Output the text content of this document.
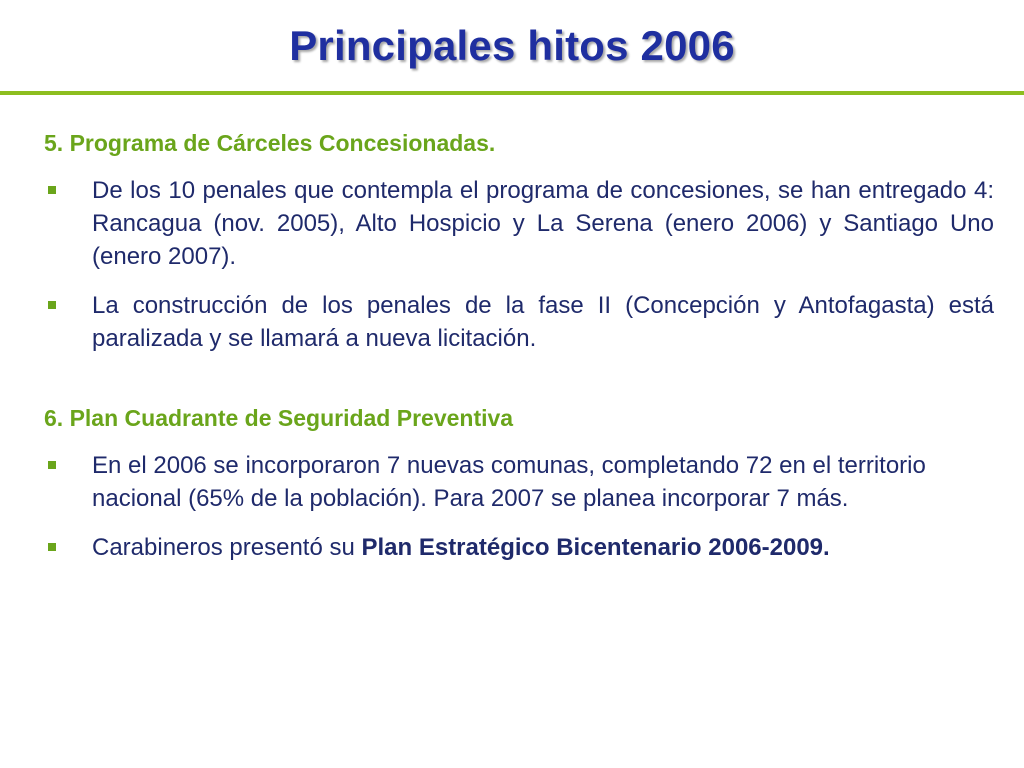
Principales hitos 2006
5. Programa de Cárceles Concesionadas.
De los 10 penales que contempla el programa de concesiones, se han entregado 4: Rancagua (nov. 2005), Alto Hospicio y La Serena (enero 2006) y Santiago Uno (enero 2007).
La construcción de los penales de la fase II (Concepción y Antofagasta) está paralizada y se llamará a nueva licitación.
6. Plan Cuadrante de Seguridad Preventiva
En el 2006 se incorporaron 7 nuevas comunas, completando 72 en el territorio nacional (65% de la población). Para 2007 se planea incorporar 7 más.
Carabineros presentó su Plan Estratégico Bicentenario 2006-2009.
